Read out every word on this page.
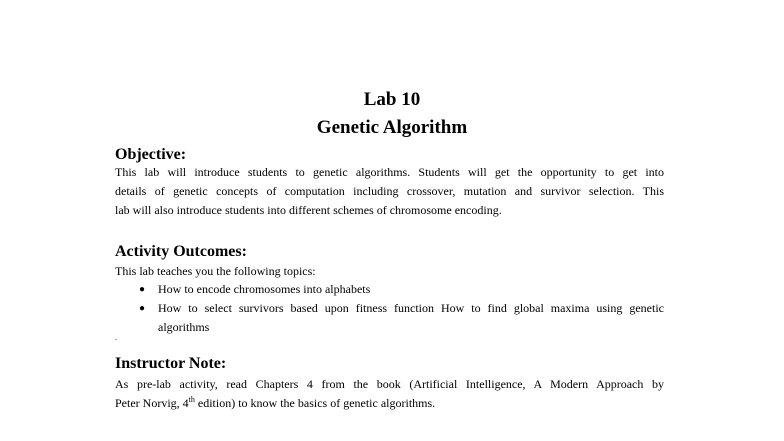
Lab 10
Genetic Algorithm
Objective:
This lab will introduce students to genetic algorithms. Students will get the opportunity to get into
details of genetic concepts of computation including crossover, mutation and survivor selection. This
lab will also introduce students into different schemes of chromosome encoding.
Activity Outcomes:
This lab teaches you the following topics:
● How to encode chromosomes into alphabets
● How to select survivors based upon fitness function How to find global maxima using genetic
algorithms
.
Instructor Note:
As pre-lab activity, read Chapters 4 from the book (Artificial Intelligence, A Modern Approach by
Peter Norvig, 4th edition) to know the basics of genetic algorithms.
